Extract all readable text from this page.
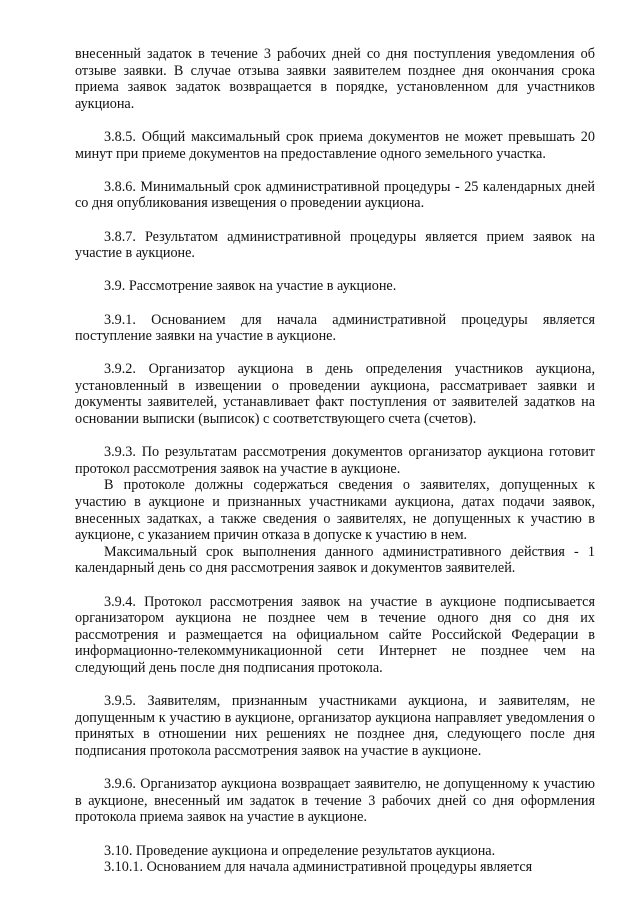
внесенный задаток в течение 3 рабочих дней со дня поступления уведомления об отзыве заявки. В случае отзыва заявки заявителем позднее дня окончания срока приема заявок задаток возвращается в порядке, установленном для участников аукциона.

3.8.5. Общий максимальный срок приема документов не может превышать 20 минут при приеме документов на предоставление одного земельного участка.

3.8.6. Минимальный срок административной процедуры - 25 календарных дней со дня опубликования извещения о проведении аукциона.

3.8.7. Результатом административной процедуры является прием заявок на участие в аукционе.

3.9. Рассмотрение заявок на участие в аукционе.

3.9.1. Основанием для начала административной процедуры является поступление заявки на участие в аукционе.

3.9.2. Организатор аукциона в день определения участников аукциона, установленный в извещении о проведении аукциона, рассматривает заявки и документы заявителей, устанавливает факт поступления от заявителей задатков на основании выписки (выписок) с соответствующего счета (счетов).

3.9.3. По результатам рассмотрения документов организатор аукциона готовит протокол рассмотрения заявок на участие в аукционе.

В протоколе должны содержаться сведения о заявителях, допущенных к участию в аукционе и признанных участниками аукциона, датах подачи заявок, внесенных задатках, а также сведения о заявителях, не допущенных к участию в аукционе, с указанием причин отказа в допуске к участию в нем.

Максимальный срок выполнения данного административного действия - 1 календарный день со дня рассмотрения заявок и документов заявителей.

3.9.4. Протокол рассмотрения заявок на участие в аукционе подписывается организатором аукциона не позднее чем в течение одного дня со дня их рассмотрения и размещается на официальном сайте Российской Федерации в информационно-телекоммуникационной сети Интернет не позднее чем на следующий день после дня подписания протокола.

3.9.5. Заявителям, признанным участниками аукциона, и заявителям, не допущенным к участию в аукционе, организатор аукциона направляет уведомления о принятых в отношении них решениях не позднее дня, следующего после дня подписания протокола рассмотрения заявок на участие в аукционе.

3.9.6. Организатор аукциона возвращает заявителю, не допущенному к участию в аукционе, внесенный им задаток в течение 3 рабочих дней со дня оформления протокола приема заявок на участие в аукционе.

3.10. Проведение аукциона и определение результатов аукциона.

3.10.1. Основанием для начала административной процедуры является
